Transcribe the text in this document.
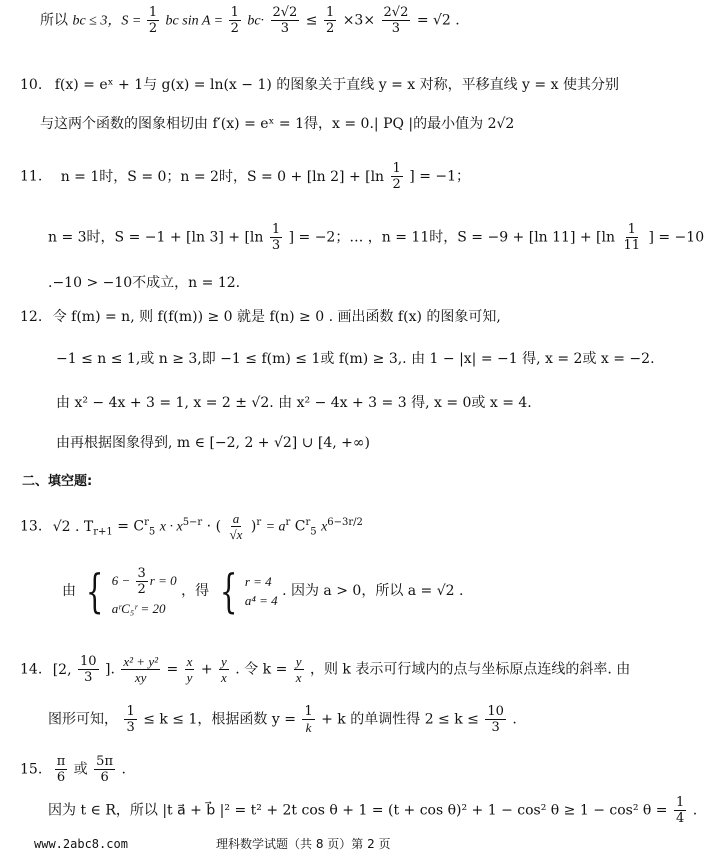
所以 bc ≤ 3，$S = \frac{1}{2}$ bc $\sin A = \frac{1}{2} bc\cdot \frac{2√2}{3} \le \frac{1}{2} \times 3\times \frac{2√2}{3} = √2$ .
10. f(x) = eˣ + 1与 g(x) = ln(x − 1) 的图象关于直线 y = x 对称，平移直线 y = x 使其分别
与这两个函数的图象相切由 f′(x) = eˣ = 1得，x = 0.| PQ |的最小值为 2√2
11. n = 1时，S = 0；n = 2时，S = 0 + [ln $2] + [\ln \frac{1}{2}$ ] = −1；
n = 3时，S = −1 + [ln $3] + [\ln \frac{1}{3}$ ] = −2；… ，n = 11时，S = −9 + [ln $11] + [\ln \frac{1}{11}$ ] = −10
.−10 > −10不成立，n = 12.
12. 令 f(m) = n, 则 f(f(m)) ≥ 0 就是 f(n) ≥ 0 . 画出函数 f(x) 的图象可知,
−1 ≤ n ≤ 1,或 n ≥ 3,即 −1 ≤ f(m) ≤ 1或 f(m) ≥ 3,. 由 1 − |x| = −1 得, x = 2或 x = −2.
由 x² − 4x + 3 = 1, x = 2 ± √2. 由 x² − 4x + 3 = 3 得, x = 0或 x = 4.
由再根据图象得到, m ∈ [−2, 2 + √2] ∪ [4, +∞)
二、填空题:
13. √2 . $T_{r+1} = C^r_5$ $x \cdot x^{5-r}$ · ( $\frac{a}{√x} )^r = a^r$ $C^r_5$ $x^{6-3r/2}$
由 { $6 - \frac{3}{2}$ r = 0
aʳC₅ʳ = 20
，得 { r = 4
a⁴ = 4
. 因为 a > 0，所以 a = √2 .
14. [2, $\frac{10}{3}$ ]. $\frac{\text{x² + y²}}{xy} = \frac{x}{y} + \frac{y}{x}$ . 令 $k = \frac{y}{x}$ ，则 k 表示可行域内的点与坐标原点连线的斜率. 由
图形可知， $\frac{1}{3} \le k \le 1$，根据函数 $y = \frac{1}{k} + k$ 的单调性得 $2 \le k \le \frac{10}{3}$ .
15. $\frac{\pi}{6}$ 或 $\frac{5\pi}{6}$ .
因为 t ∈ R，所以 |t a⃗ + b⃗ |² = t² + 2t cos θ + 1 = (t + cos θ)² + 1 − cos² θ ≥ 1 − cos² $\theta = \frac{1}{4}$ .
www.2abc8.com	理科数学试题（共 8 页）第 2 页
